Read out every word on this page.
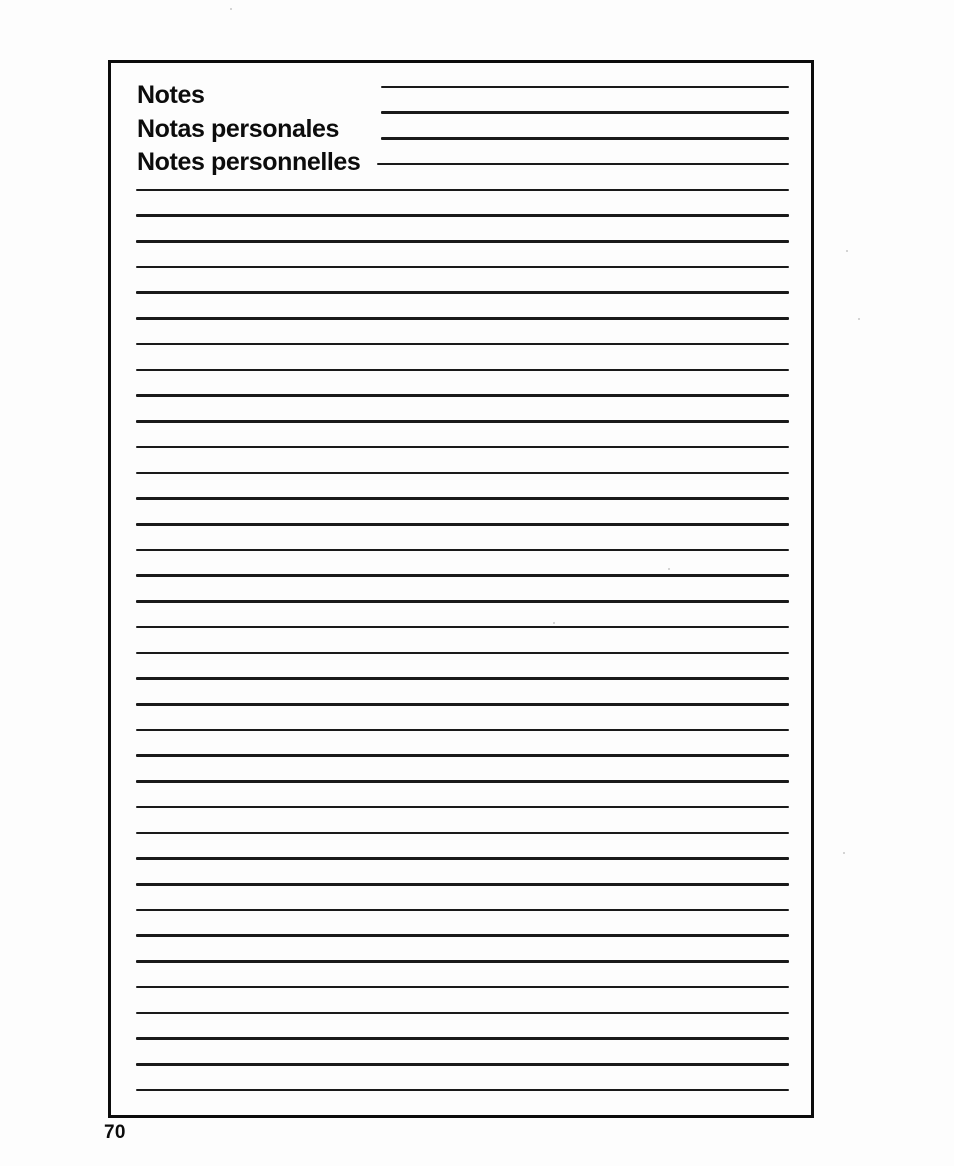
Notes
Notas personales
Notes personnelles
70
